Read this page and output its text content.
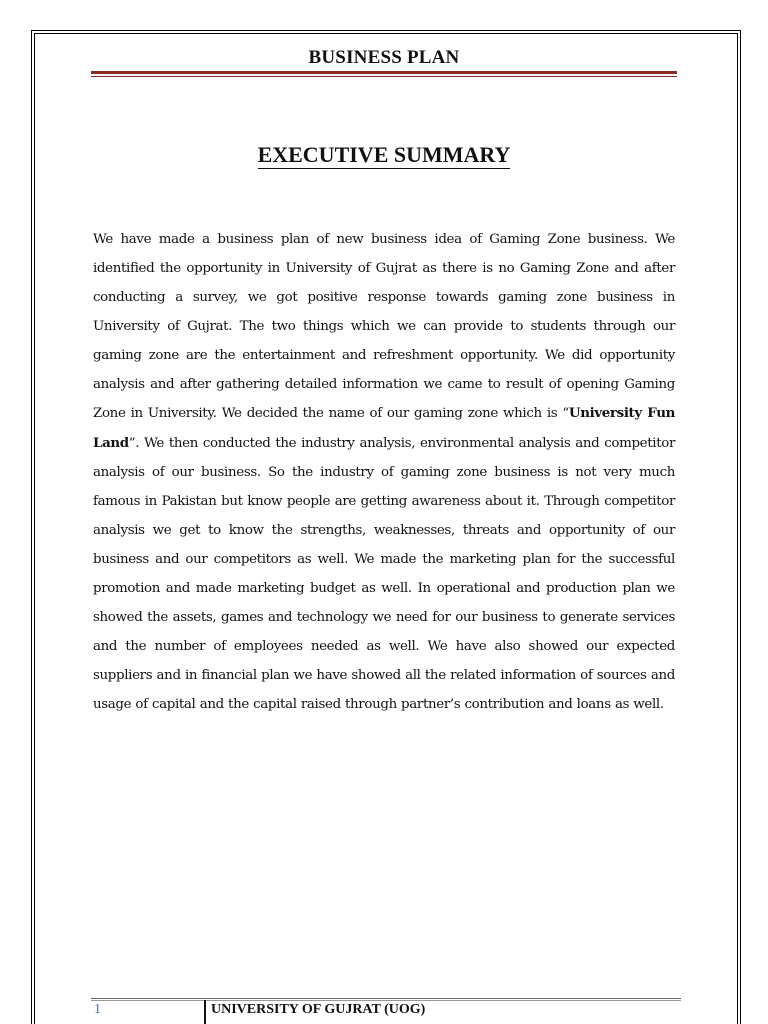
BUSINESS PLAN
EXECUTIVE SUMMARY
We have made a business plan of new business idea of Gaming Zone business. We identified the opportunity in University of Gujrat as there is no Gaming Zone and after conducting a survey, we got positive response towards gaming zone business in University of Gujrat. The two things which we can provide to students through our gaming zone are the entertainment and refreshment opportunity. We did opportunity analysis and after gathering detailed information we came to result of opening Gaming Zone in University. We decided the name of our gaming zone which is “University Fun Land”. We then conducted the industry analysis, environmental analysis and competitor analysis of our business. So the industry of gaming zone business is not very much famous in Pakistan but know people are getting awareness about it. Through competitor analysis we get to know the strengths, weaknesses, threats and opportunity of our business and our competitors as well. We made the marketing plan for the successful promotion and made marketing budget as well. In operational and production plan we showed the assets, games and technology we need for our business to generate services and the number of employees needed as well. We have also showed our expected suppliers and in financial plan we have showed all the related information of sources and usage of capital and the capital raised through partner’s contribution and loans as well.
1	UNIVERSITY OF GUJRAT (UOG)
